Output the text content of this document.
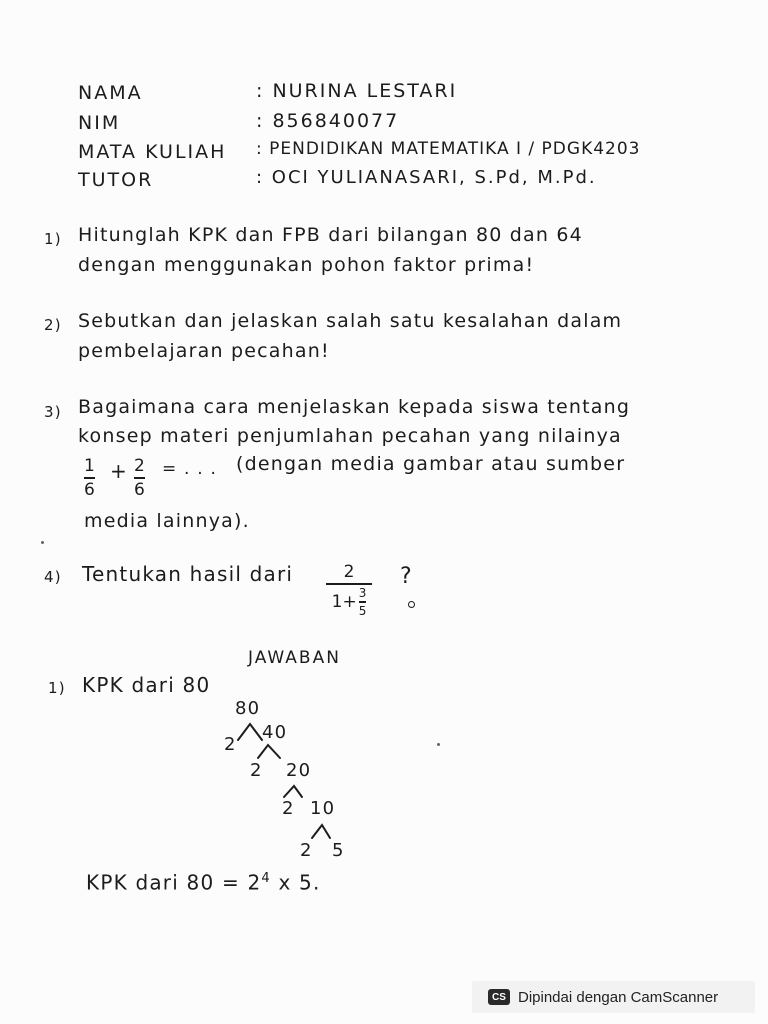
NAMA	: NURINA LESTARI
NIM	: 856840077
MATA KULIAH : PENDIDIKAN MATEMATIKA I / PDGK4203
TUTOR	: OCI YULIANASARI, S.Pd, M.Pd.
1) Hitunglah KPK dan FPB dari bilangan 80 dan 64
dengan menggunakan pohon faktor prima!
2) Sebutkan dan jelaskan salah satu kesalahan dalam
pembelajaran pecahan!
3) Bagaimana cara menjelaskan kepada siswa tentang
konsep materi penjumlahan pecahan yang nilainya
1
6
+ 2
6
= . . . (dengan media gambar atau sumber
media lainnya).
4) Tentukan hasil dari	2
1+ 3
5
?
JAWABAN
1) KPK dari 80
80
2
40
2 20
2 10
2 5
KPK dari $80 = 2^4$ x 5.
CS Dipindai dengan CamScanner
